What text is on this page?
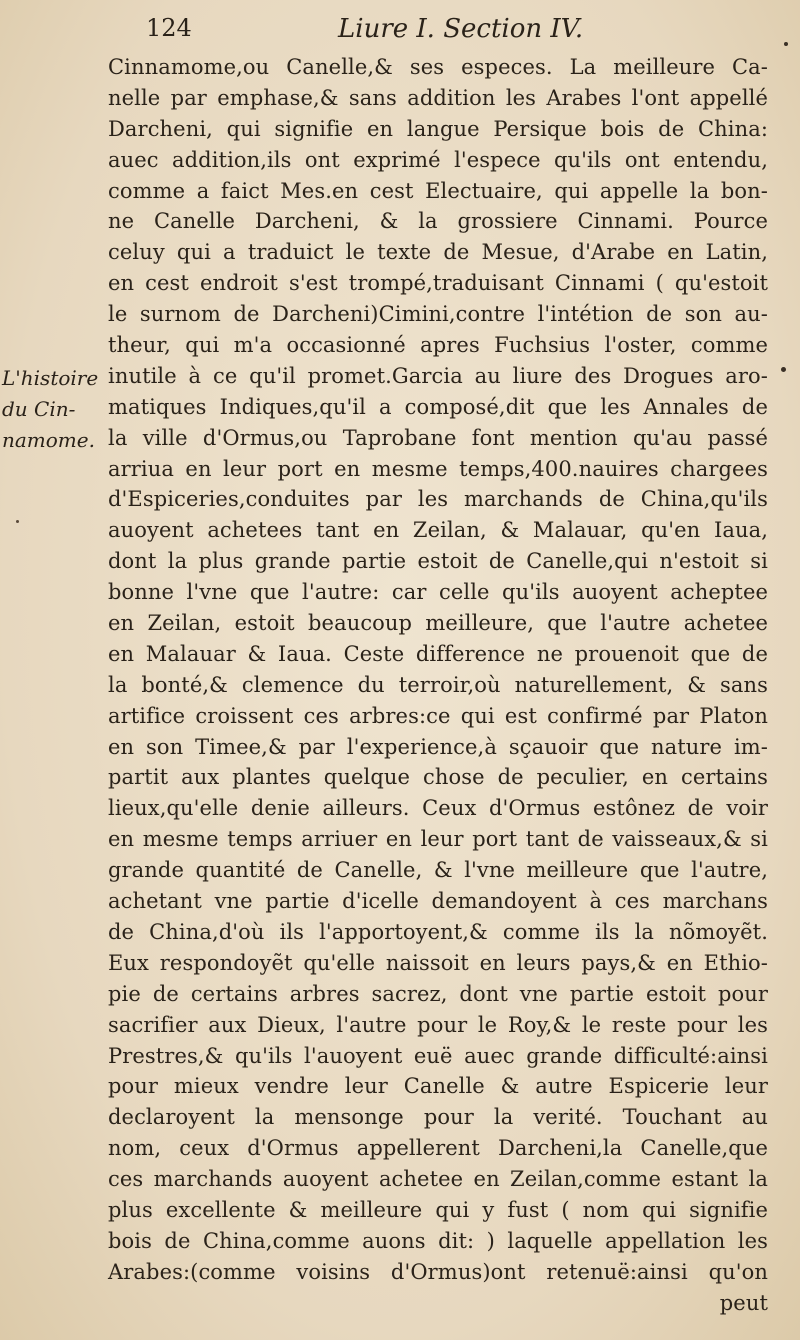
124	Liure I. Section IV.
L'histoire
du Cin-
namome.
Cinnamome,ou Canelle,& ses especes. La meilleure Ca-
nelle par emphase,& sans addition les Arabes l'ont appellé
Darcheni, qui signifie en langue Persique bois de China:
auec addition,ils ont exprimé l'espece qu'ils ont entendu,
comme a faict Mes.en cest Electuaire, qui appelle la bon-
ne Canelle Darcheni, & la grossiere Cinnami. Pource
celuy qui a traduict le texte de Mesue, d'Arabe en Latin,
en cest endroit s'est trompé,traduisant Cinnami ( qu'estoit
le surnom de Darcheni)Cimini,contre l'intétion de son au-
theur, qui m'a occasionné apres Fuchsius l'oster, comme
inutile à ce qu'il promet.Garcia au liure des Drogues aro-
matiques Indiques,qu'il a composé,dit que les Annales de
la ville d'Ormus,ou Taprobane font mention qu'au passé
arriua en leur port en mesme temps,400.nauires chargees
d'Espiceries,conduites par les marchands de China,qu'ils
auoyent achetees tant en Zeilan, & Malauar, qu'en Iaua,
dont la plus grande partie estoit de Canelle,qui n'estoit si
bonne l'vne que l'autre: car celle qu'ils auoyent acheptee
en Zeilan, estoit beaucoup meilleure, que l'autre achetee
en Malauar & Iaua. Ceste difference ne prouenoit que de
la bonté,& clemence du terroir,où naturellement, & sans
artifice croissent ces arbres:ce qui est confirmé par Platon
en son Timee,& par l'experience,à sçauoir que nature im-
partit aux plantes quelque chose de peculier, en certains
lieux,qu'elle denie ailleurs. Ceux d'Ormus estônez de voir
en mesme temps arriuer en leur port tant de vaisseaux,& si
grande quantité de Canelle, & l'vne meilleure que l'autre,
achetant vne partie d'icelle demandoyent à ces marchans
de China,d'où ils l'apportoyent,& comme ils la nõmoyẽt.
Eux respondoyẽt qu'elle naissoit en leurs pays,& en Ethio-
pie de certains arbres sacrez, dont vne partie estoit pour
sacrifier aux Dieux, l'autre pour le Roy,& le reste pour les
Prestres,& qu'ils l'auoyent euë auec grande difficulté:ainsi
pour mieux vendre leur Canelle & autre Espicerie leur
declaroyent la mensonge pour la verité. Touchant au
nom, ceux d'Ormus appellerent Darcheni,la Canelle,que
ces marchands auoyent achetee en Zeilan,comme estant la
plus excellente & meilleure qui y fust ( nom qui signifie
bois de China,comme auons dit: ) laquelle appellation les
Arabes:(comme voisins d'Ormus)ont retenuë:ainsi qu'on
peut
